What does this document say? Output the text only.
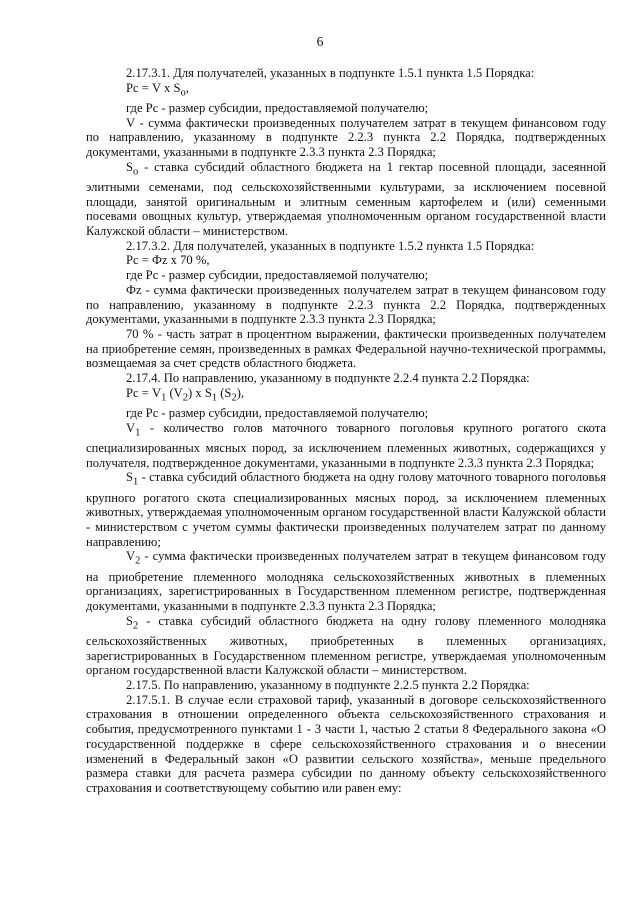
6

2.17.3.1. Для получателей, указанных в подпункте 1.5.1 пункта 1.5 Порядка:

Рс = V x $S_о$,

где Рс - размер субсидии, предоставляемой получателю;

V - сумма фактически произведенных получателем затрат в текущем финансовом году по направлению, указанному в подпункте 2.2.3 пункта 2.2 Порядка, подтвержденных документами, указанными в подпункте 2.3.3 пункта 2.3 Порядка;

$S_о$ - ставка субсидий областного бюджета на 1 гектар посевной площади, засеянной элитными семенами, под сельскохозяйственными культурами, за исключением посевной площади, занятой оригинальным и элитным семенным картофелем и (или) семенными посевами овощных культур, утверждаемая уполномоченным органом государственной власти Калужской области – министерством.

2.17.3.2. Для получателей, указанных в подпункте 1.5.2 пункта 1.5 Порядка:

Рс = Фz x 70 %,

где Рс - размер субсидии, предоставляемой получателю;

Фz - сумма фактически произведенных получателем затрат в текущем финансовом году по направлению, указанному в подпункте 2.2.3 пункта 2.2 Порядка, подтвержденных документами, указанными в подпункте 2.3.3 пункта 2.3 Порядка;

70 % - часть затрат в процентном выражении, фактически произведенных получателем на приобретение семян, произведенных в рамках Федеральной научно-технической программы, возмещаемая за счет средств областного бюджета.

2.17.4. По направлению, указанному в подпункте 2.2.4 пункта 2.2 Порядка:

Рс = $V_1$ $(V_2)$ x $S_1$ $(S_2)$,

где Рс - размер субсидии, предоставляемой получателю;

$V_1$ - количество голов маточного товарного поголовья крупного рогатого скота специализированных мясных пород, за исключением племенных животных, содержащихся у получателя, подтвержденное документами, указанными в подпункте 2.3.3 пункта 2.3 Порядка;

$S_1$ - ставка субсидий областного бюджета на одну голову маточного товарного поголовья крупного рогатого скота специализированных мясных пород, за исключением племенных животных, утверждаемая уполномоченным органом государственной власти Калужской области - министерством с учетом суммы фактически произведенных получателем затрат по данному направлению;

$V_2$ - сумма фактически произведенных получателем затрат в текущем финансовом году на приобретение племенного молодняка сельскохозяйственных животных в племенных организациях, зарегистрированных в Государственном племенном регистре, подтвержденная документами, указанными в подпункте 2.3.3 пункта 2.3 Порядка;

$S_2$ - ставка субсидий областного бюджета на одну голову племенного молодняка сельскохозяйственных животных, приобретенных в племенных организациях, зарегистрированных в Государственном племенном регистре, утверждаемая уполномоченным органом государственной власти Калужской области – министерством.

2.17.5. По направлению, указанному в подпункте 2.2.5 пункта 2.2 Порядка:

2.17.5.1. В случае если страховой тариф, указанный в договоре сельскохозяйственного страхования в отношении определенного объекта сельскохозяйственного страхования и события, предусмотренного пунктами 1 - 3 части 1, частью 2 статьи 8 Федерального закона «О государственной поддержке в сфере сельскохозяйственного страхования и о внесении изменений в Федеральный закон «О развитии сельского хозяйства», меньше предельного размера ставки для расчета размера субсидии по данному объекту сельскохозяйственного страхования и соответствующему событию или равен ему:
